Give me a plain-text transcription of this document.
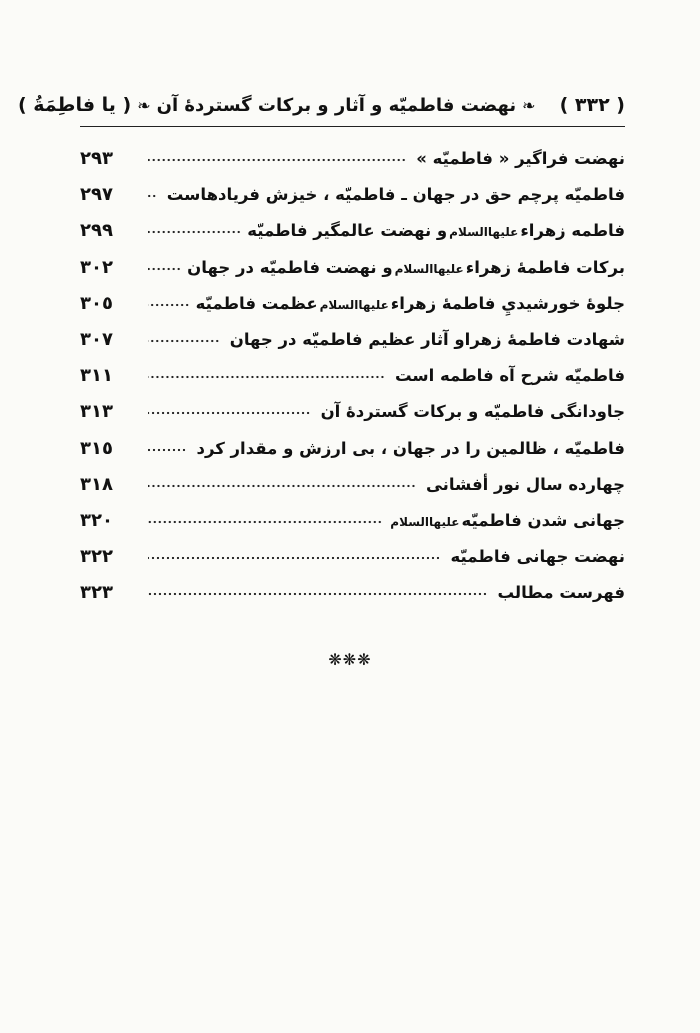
( ٣٣٢ )
❧
نهضت فاطميّه و آثار و بركات گستردهٔ آن
❧
( يا فاطِمَةُ )
نهضت فراگير « فاطميّه »
٢٩٣
فاطميّه پرچم حق در جهان ـ فاطميّه ، خيزش فريادهاست
٢٩٧
فاطمه زهراء
عليهاالسلام
و نهضت عالمگير فاطميّه
٢٩٩
بركات فاطمهٔ زهراء
عليهاالسلام
و نهضت فاطميّه در جهان
٣٠٢
جلوهٔ خورشيديِ فاطمهٔ زهراء
عليهاالسلام
عظمت فاطميّه
٣٠٥
شهادت فاطمهٔ زهراو آثار عظيم فاطميّه در جهان
٣٠٧
فاطميّه شرح آه فاطمه است
٣١١
جاودانگى فاطميّه و بركات گستردهٔ آن
٣١٣
فاطميّه ، ظالمين را در جهان ، بى ارزش و مقدار كرد
٣١٥
چهارده سال نور أفشانى
٣١٨
جهانى شدن فاطميّه
عليهاالسلام
٣٢٠
نهضت جهانى فاطميّه
٣٢٢
فهرست مطالب
٣٢٣
❋❋❋
